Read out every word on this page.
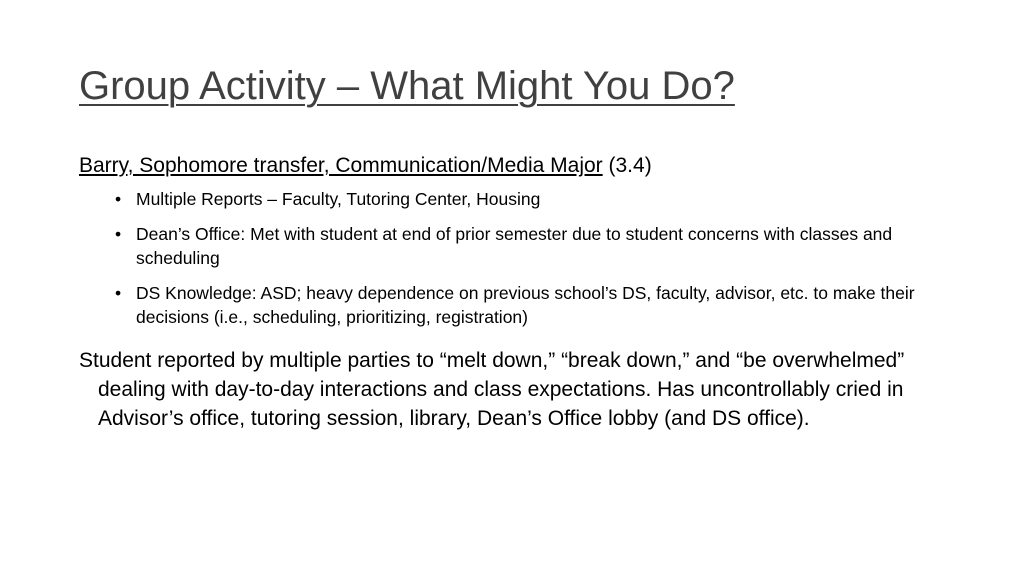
Group Activity – What Might You Do?

Barry, Sophomore transfer, Communication/Media Major (3.4)

• Multiple Reports – Faculty, Tutoring Center, Housing
• Dean’s Office: Met with student at end of prior semester due to student concerns with classes and scheduling
• DS Knowledge: ASD; heavy dependence on previous school’s DS, faculty, advisor, etc. to make their decisions (i.e., scheduling, prioritizing, registration)

Student reported by multiple parties to “melt down,” “break down,” and “be overwhelmed” dealing with day-to-day interactions and class expectations. Has uncontrollably cried in Advisor’s office, tutoring session, library, Dean’s Office lobby (and DS office).
